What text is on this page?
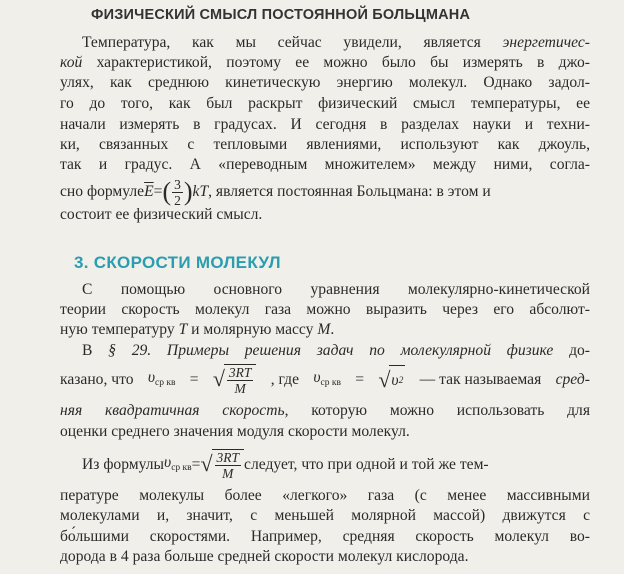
ФИЗИЧЕСКИЙ СМЫСЛ ПОСТОЯННОЙ БОЛЬЦМАНА
Температура, как мы сейчас увидели, является энергетичес-
кой характеристикой, поэтому ее можно было бы измерять в джо-
улях, как среднюю кинетическую энергию молекул. Однако задол-
го до того, как был раскрыт физический смысл температуры, ее
начали измерять в градусах. И сегодня в разделах науки и техни-
ки, связанных с тепловыми явлениями, используют как джоуль,
так и градус. А «переводным множителем» между ними, согла-
сно формуле $\overline{E}$ = ( $\frac{3}{2}$ ) kT , является постоянная Больцмана: в этом и
состоит ее физический смысл.
3. СКОРОСТИ МОЛЕКУЛ
С помощью основного уравнения молекулярно-кинетической
теории скорость молекул газа можно выразить через его абсолют-
ную температуру T и молярную массу M.
В § 29. Примеры решения задач по молекулярной физике до-
казано, что $\upsilon_{ср кв}$ = √ $\frac{3RT}{M}$ , где $\upsilon_{ср кв}$ = √ υ 2 — так называемая сред-
няя квадратичная скорость, которую можно использовать для
оценки среднего значения модуля скорости молекул.
Из формулы $\upsilon_{ср кв}$ = √ $\frac{3RT}{M}$ следует, что при одной и той же тем-
пературе молекулы более «легкого» газа (с менее массивными
молекулами и, значит, с меньшей молярной массой) движутся с
бо́льшими скоростями. Например, средняя скорость молекул во-
дорода в 4 раза больше средней скорости молекул кислорода.
